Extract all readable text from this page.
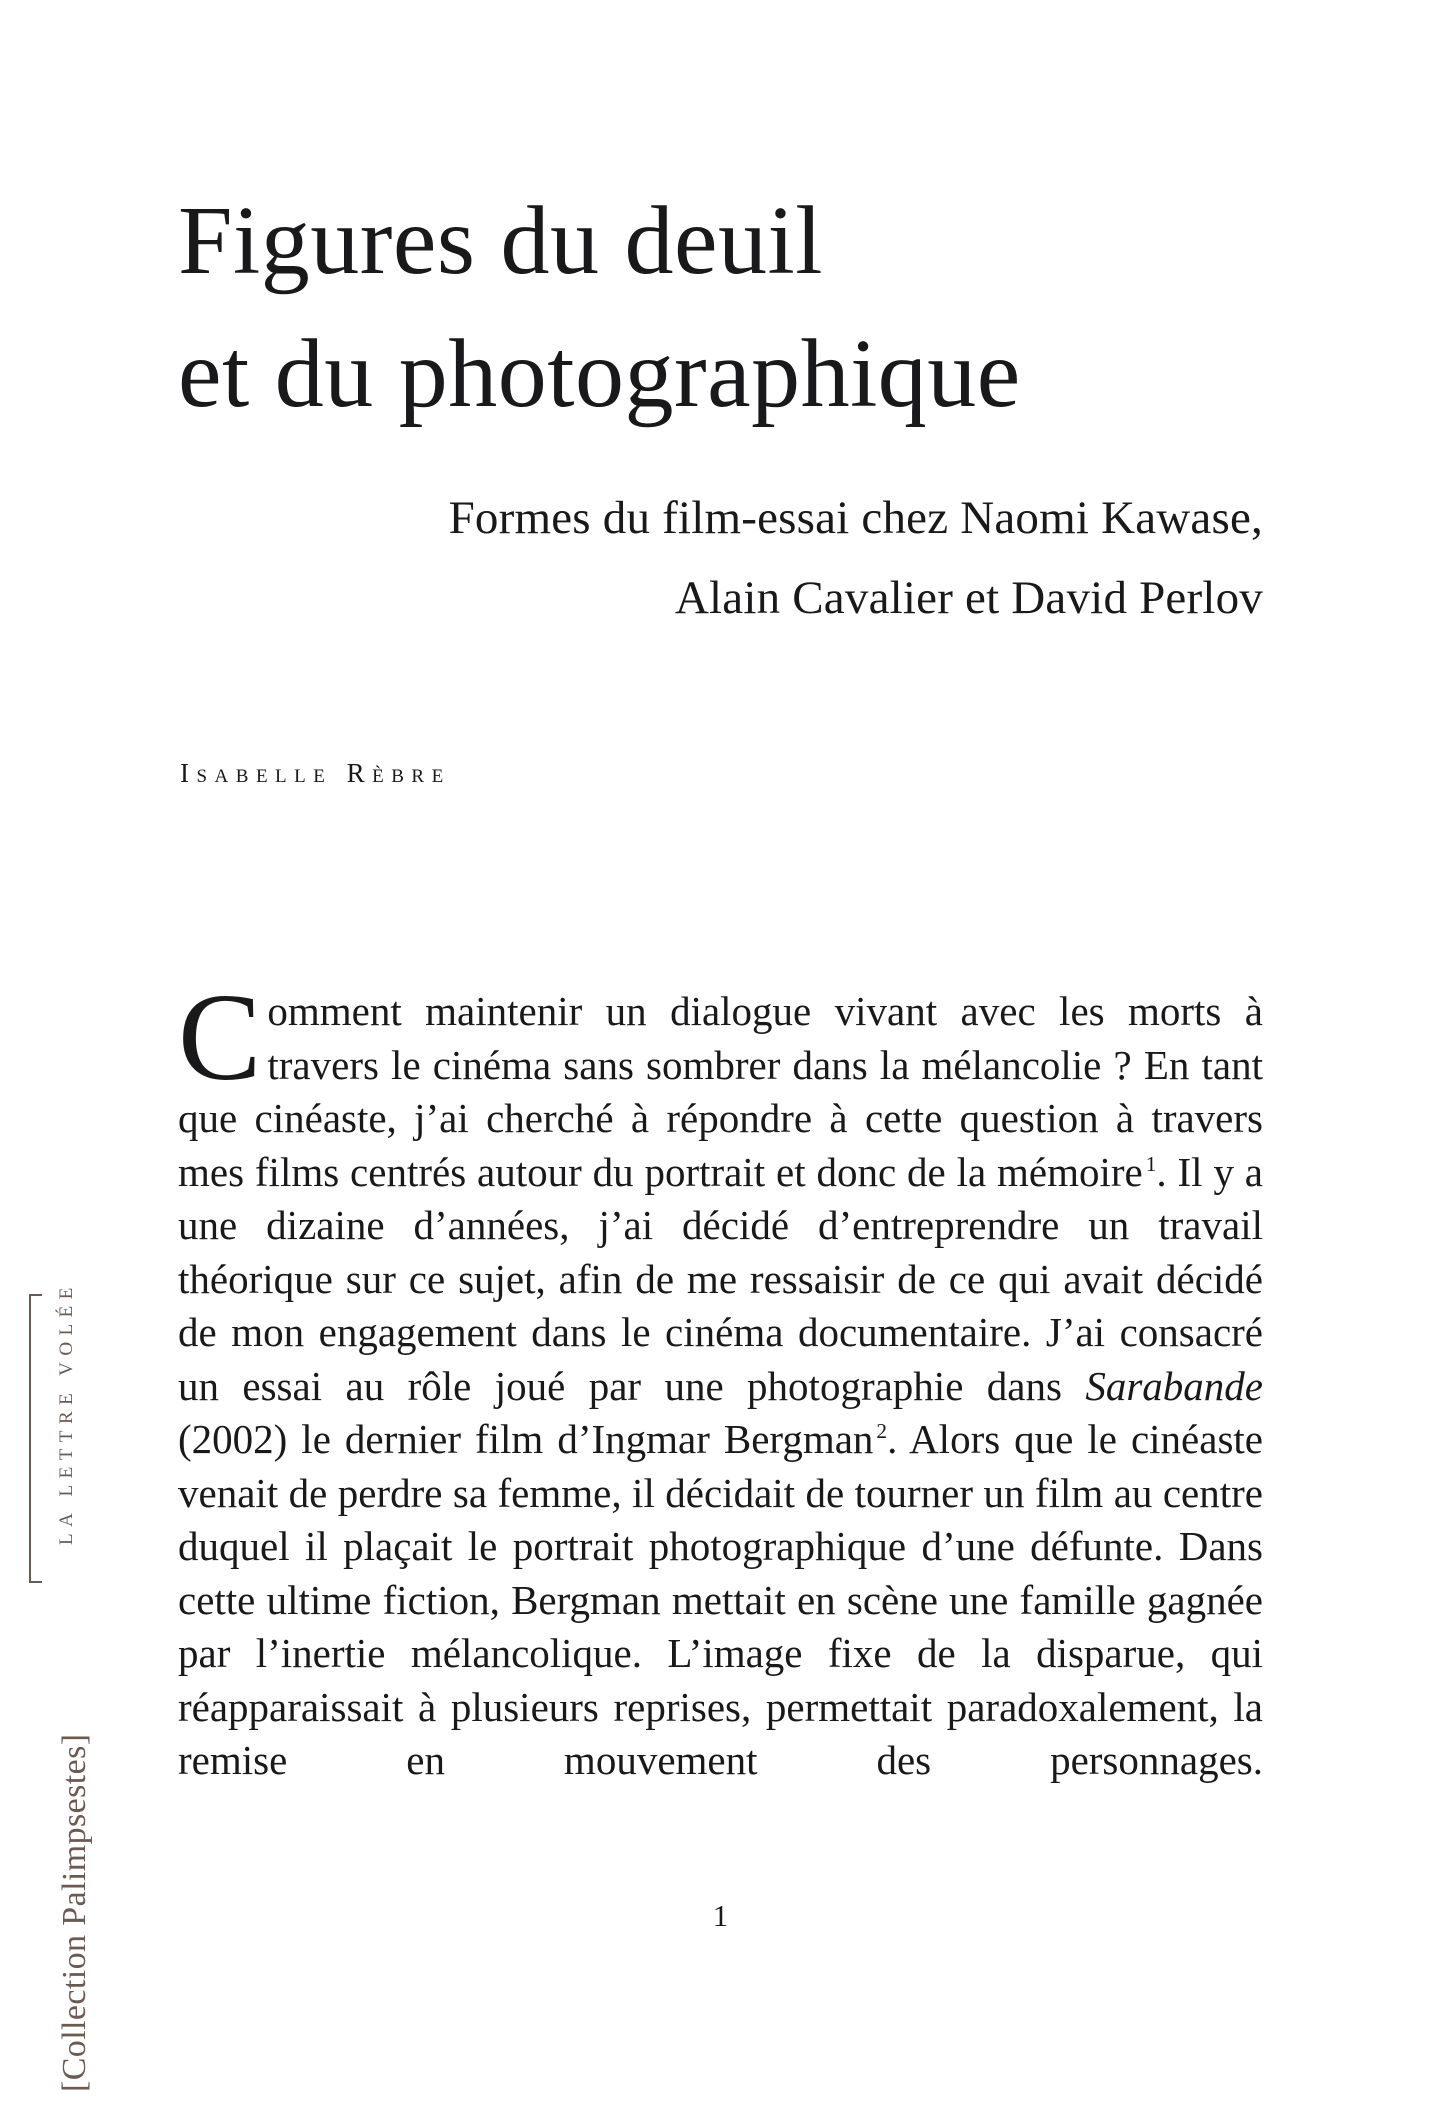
LA LETTRE VOLÉE
[Collection Palimpsestes]
Figures du deuil
et du photographique
Formes du film-essai chez Naomi Kawase,
Alain Cavalier et David Perlov
Isabelle Rèbre

Comment maintenir un dialogue vivant avec les morts à travers le cinéma sans sombrer dans la mélancolie ? En tant que cinéaste, j’ai cherché à répondre à cette question à travers mes films centrés autour du portrait et donc de la mémoire $^1$. Il y a une dizaine d’années, j’ai décidé d’entreprendre un travail théorique sur ce sujet, afin de me ressaisir de ce qui avait décidé de mon engagement dans le cinéma documentaire. J’ai consacré un essai au rôle joué par une photographie dans Sarabande (2002) le dernier film d’Ingmar Bergman $^2$. Alors que le cinéaste venait de perdre sa femme, il décidait de tourner un film au centre duquel il plaçait le portrait photographique d’une défunte. Dans cette ultime fiction, Bergman mettait en scène une famille gagnée par l’inertie mélancolique. L’image fixe de la disparue, qui réapparaissait à plusieurs reprises, permettait paradoxalement, la remise en mouvement des personnages.

1
